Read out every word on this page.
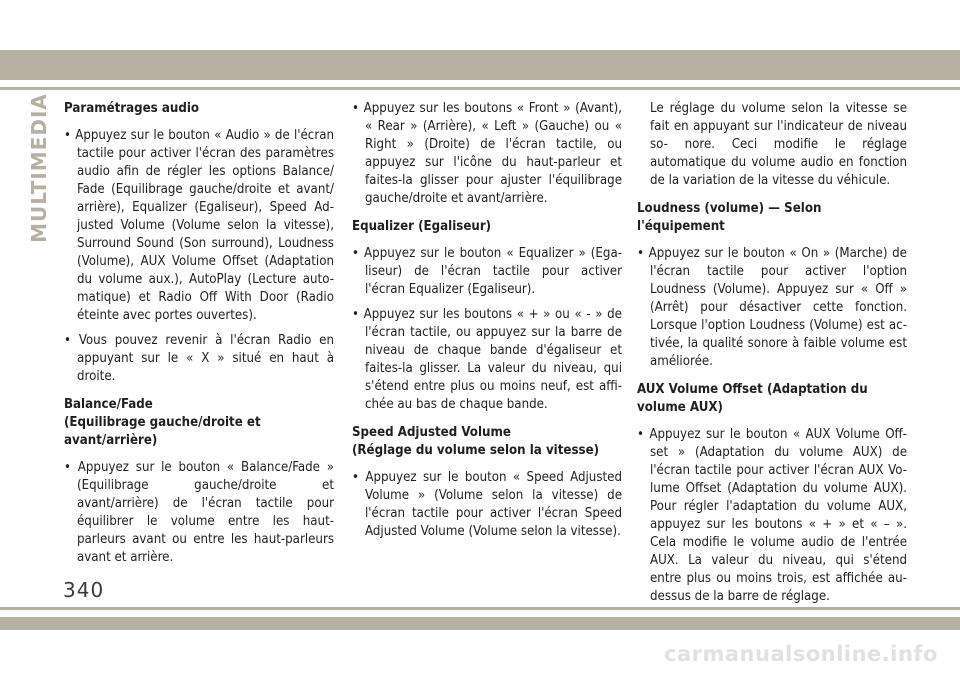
MULTIMEDIA Paramétrages audio

• Appuyez sur le bouton « Audio » de l'écran tactile pour activer l'écran des paramètres audio afin de régler les options Balance/ Fade (Equilibrage gauche/droite et avant/ arrière), Equalizer (Egaliseur), Speed Ad- justed Volume (Volume selon la vitesse), Surround Sound (Son surround), Loudness (Volume), AUX Volume Offset (Adaptation du volume aux.), AutoPlay (Lecture auto- matique) et Radio Off With Door (Radio éteinte avec portes ouvertes).

• Vous pouvez revenir à l'écran Radio en appuyant sur le « X » situé en haut à droite.

Balance/Fade

(Equilibrage gauche/droite et avant/arrière)

• Appuyez sur le bouton « Balance/Fade » (Equilibrage gauche/droite et avant/arrière) de l'écran tactile pour équilibrer le volume entre les haut-parleurs avant ou entre les haut-parleurs avant et arrière.

• Appuyez sur les boutons « Front » (Avant), « Rear » (Arrière), « Left » (Gauche) ou « Right » (Droite) de l'écran tactile, ou appuyez sur l'icône du haut-parleur et faites-la glisser pour ajuster l'équilibrage gauche/droite et avant/arrière.

Equalizer (Egaliseur)

• Appuyez sur le bouton « Equalizer » (Ega- liseur) de l'écran tactile pour activer l'écran Equalizer (Egaliseur).

• Appuyez sur les boutons « + » ou « - » de l'écran tactile, ou appuyez sur la barre de niveau de chaque bande d'égaliseur et faites-la glisser. La valeur du niveau, qui s'étend entre plus ou moins neuf, est affi- chée au bas de chaque bande.

Speed Adjusted Volume

(Réglage du volume selon la vitesse)

• Appuyez sur le bouton « Speed Adjusted Volume » (Volume selon la vitesse) de l'écran tactile pour activer l'écran Speed Adjusted Volume (Volume selon la vitesse).

Le réglage du volume selon la vitesse se fait en appuyant sur l'indicateur de niveau so- nore. Ceci modifie le réglage automatique du volume audio en fonction de la variation de la vitesse du véhicule.

Loudness (volume) — Selon l'équipement

• Appuyez sur le bouton « On » (Marche) de l'écran tactile pour activer l'option Loudness (Volume). Appuyez sur « Off » (Arrêt) pour désactiver cette fonction. Lorsque l'option Loudness (Volume) est ac- tivée, la qualité sonore à faible volume est améliorée.

AUX Volume Offset (Adaptation du volume AUX)

• Appuyez sur le bouton « AUX Volume Off- set » (Adaptation du volume AUX) de l'écran tactile pour activer l'écran AUX Vo- lume Offset (Adaptation du volume AUX). Pour régler l'adaptation du volume AUX, appuyez sur les boutons « + » et « – ». Cela modifie le volume audio de l'entrée AUX. La valeur du niveau, qui s'étend entre plus ou moins trois, est affichée au-dessus de la barre de réglage.

340
carmanualsonline.info
